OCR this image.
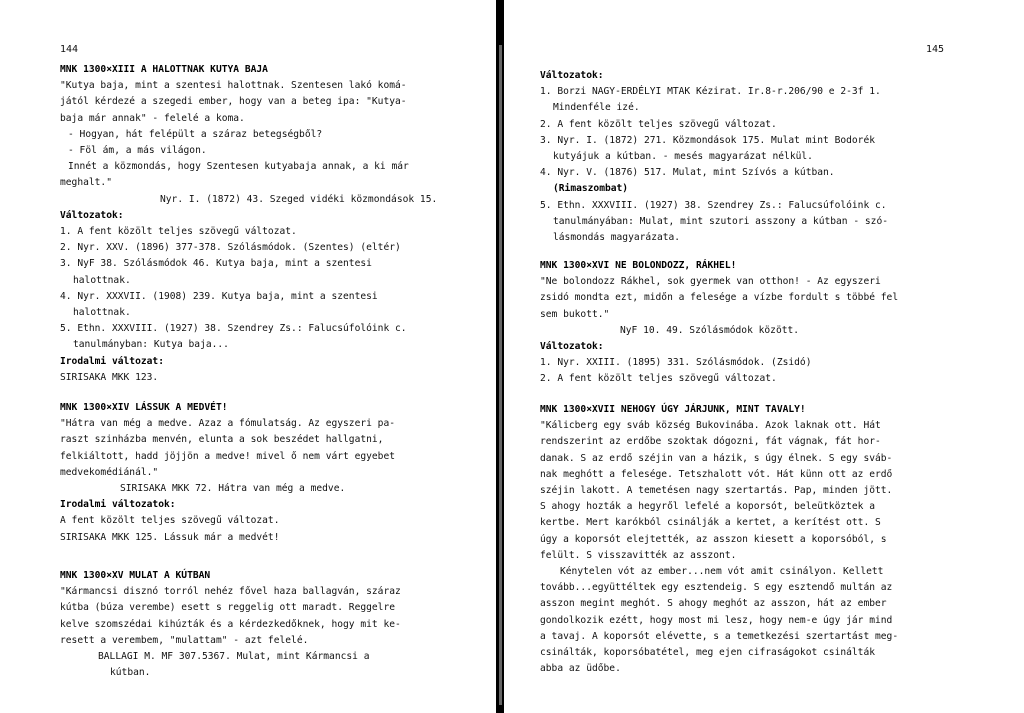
144
MNK 1300×XIII A HALOTTNAK KUTYA BAJA
"Kutya baja, mint a szentesi halottnak. Szentesen lakó komá-
jától kérdezé a szegedi ember, hogy van a beteg ipa: "Kutya-
baja már annak" - felelé a koma.
- Hogyan, hát felépült a száraz betegségből?
- Föl ám, a más világon.
Innét a közmondás, hogy Szentesen kutyabaja annak, a ki már
meghalt."
Nyr. I. (1872) 43. Szeged vidéki közmondások 15.
Változatok:
1. A fent közölt teljes szövegű változat.
2. Nyr. XXV. (1896) 377-378. Szólásmódok. (Szentes) (eltér)
3. NyF 38. Szólásmódok 46. Kutya baja, mint a szentesi
halottnak.
4. Nyr. XXXVII. (1908) 239. Kutya baja, mint a szentesi
halottnak.
5. Ethn. XXXVIII. (1927) 38. Szendrey Zs.: Falucsúfolóink c.
tanulmányban: Kutya baja...
Irodalmi változat:
SIRISAKA MKK 123.
MNK 1300×XIV LÁSSUK A MEDVÉT!
"Hátra van még a medve. Azaz a fómulatság. Az egyszeri pa-
raszt szinházba menvén, elunta a sok beszédet hallgatni,
felkiáltott, hadd jöjjön a medve! mivel ő nem várt egyebet
medvekomédiánál."
SIRISAKA MKK 72. Hátra van még a medve.
Irodalmi változatok:
A fent közölt teljes szövegű változat.
SIRISAKA MKK 125. Lássuk már a medvét!
MNK 1300×XV MULAT A KÚTBAN
"Kármancsi disznó torról nehéz fővel haza ballagván, száraz
kútba (búza verembe) esett s reggelig ott maradt. Reggelre
kelve szomszédai kihúzták és a kérdezkedőknek, hogy mit ke-
resett a verembem, "mulattam" - azt felelé.
BALLAGI M. MF 307.5367. Mulat, mint Kármancsi a
kútban.
145
Változatok:
1. Borzi NAGY-ERDÉLYI MTAK Kézirat. Ir.8-r.206/90 e 2-3f 1.
Mindenféle izé.
2. A fent közölt teljes szövegű változat.
3. Nyr. I. (1872) 271. Közmondások 175. Mulat mint Bodorék
kutyájuk a kútban. - mesés magyarázat nélkül.
4. Nyr. V. (1876) 517. Mulat, mint Szívós a kútban.
(Rimaszombat)
5. Ethn. XXXVIII. (1927) 38. Szendrey Zs.: Falucsúfolóink c.
tanulmányában: Mulat, mint szutori asszony a kútban - szó-
lásmondás magyarázata.
MNK 1300×XVI NE BOLONDOZZ, RÁKHEL!
"Ne bolondozz Rákhel, sok gyermek van otthon! - Az egyszeri
zsidó mondta ezt, midőn a felesége a vízbe fordult s többé fel
sem bukott."
NyF 10. 49. Szólásmódok között.
Változatok:
1. Nyr. XXIII. (1895) 331. Szólásmódok. (Zsidó)
2. A fent közölt teljes szövegű változat.
MNK 1300×XVII NEHOGY ÚGY JÁRJUNK, MINT TAVALY!
"Kálicberg egy sváb község Bukovinába. Azok laknak ott. Hát
rendszerint az erdőbe szoktak dógozni, fát vágnak, fát hor-
danak. S az erdő széjin van a házik, s úgy élnek. S egy sváb-
nak meghótt a felesége. Tetszhalott vót. Hát künn ott az erdő
széjin lakott. A temetésen nagy szertartás. Pap, minden jött.
S ahogy hozták a hegyről lefelé a koporsót, beleütköztek a
kertbe. Mert karókból csinálják a kertet, a kerítést ott. S
úgy a koporsót elejtették, az asszon kiesett a koporsóból, s
felült. S visszavitték az asszont.
Kénytelen vót az ember...nem vót amit csinályon. Kellett
tovább...együttéltek egy esztendeig. S egy esztendő multán az
asszon megint meghót. S ahogy meghót az asszon, hát az ember
gondolkozik ezétt, hogy most mi lesz, hogy nem-e úgy jár mind
a tavaj. A koporsót elévette, s a temetkezési szertartást meg-
csinálták, koporsóbatétel, meg ejen cifraságokot csinálták
abba az üdőbe.
